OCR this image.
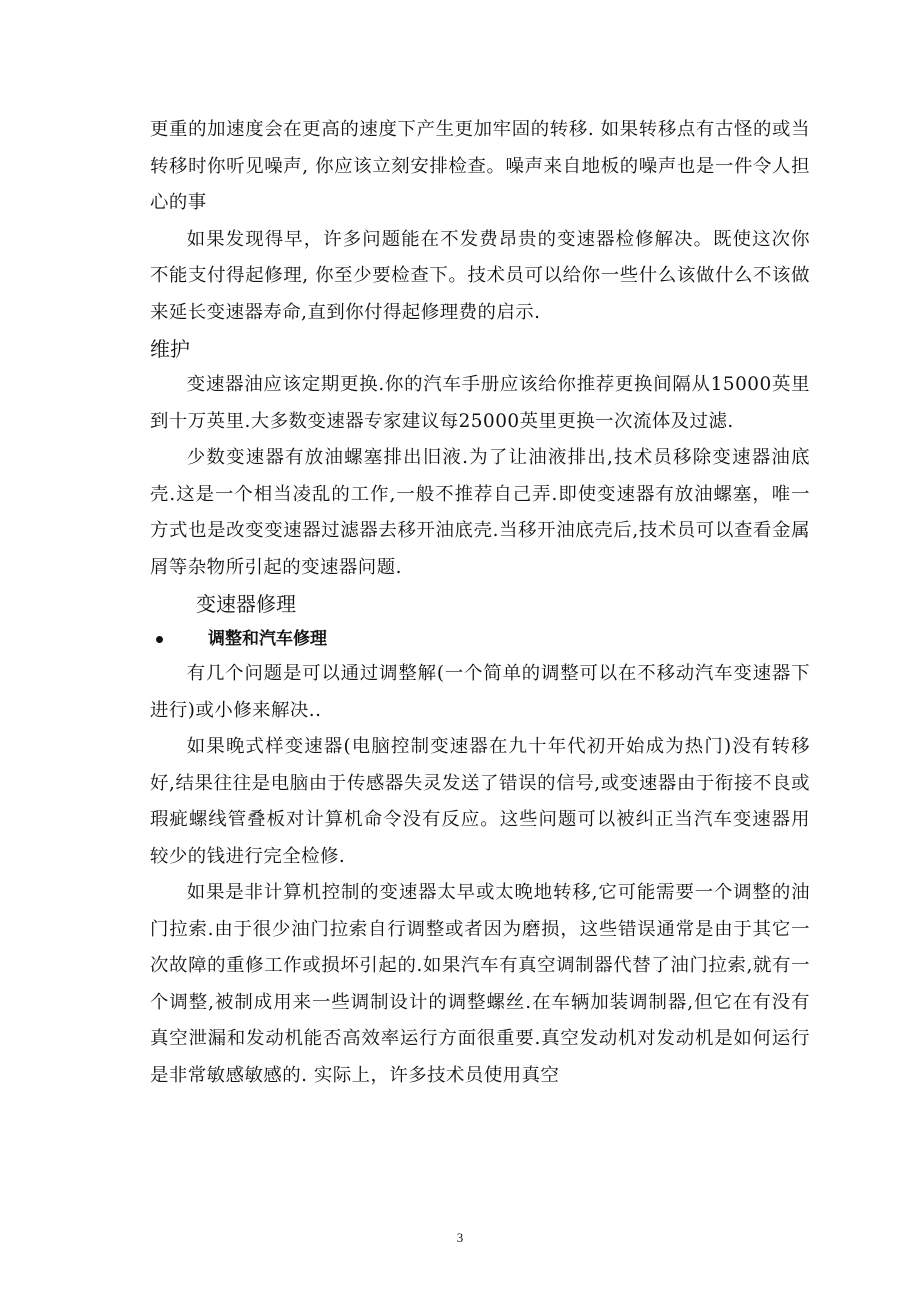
更重的加速度会在更高的速度下产生更加牢固的转移. 如果转移点有古怪的或当转移时你听见噪声, 你应该立刻安排检查。噪声来自地板的噪声也是一件令人担心的事

如果发现得早，许多问题能在不发费昂贵的变速器检修解决。既使这次你不能支付得起修理, 你至少要检查下。技术员可以给你一些什么该做什么不该做来延长变速器寿命,直到你付得起修理费的启示.

维护

变速器油应该定期更换.你的汽车手册应该给你推荐更换间隔从15000英里到十万英里.大多数变速器专家建议每25000英里更换一次流体及过滤.

少数变速器有放油螺塞排出旧液.为了让油液排出,技术员移除变速器油底壳.这是一个相当凌乱的工作,一般不推荐自己弄.即使变速器有放油螺塞，唯一方式也是改变变速器过滤器去移开油底壳.当移开油底壳后,技术员可以查看金属屑等杂物所引起的变速器问题.

变速器修理
调整和汽车修理

有几个问题是可以通过调整解(一个简单的调整可以在不移动汽车变速器下进行)或小修来解决..

如果晚式样变速器(电脑控制变速器在九十年代初开始成为热门)没有转移好,结果往往是电脑由于传感器失灵发送了错误的信号,或变速器由于衔接不良或瑕疵螺线管叠板对计算机命令没有反应。这些问题可以被纠正当汽车变速器用较少的钱进行完全检修.

如果是非计算机控制的变速器太早或太晚地转移,它可能需要一个调整的油门拉索.由于很少油门拉索自行调整或者因为磨损，这些错误通常是由于其它一次故障的重修工作或损坏引起的.如果汽车有真空调制器代替了油门拉索,就有一个调整,被制成用来一些调制设计的调整螺丝.在车辆加装调制器,但它在有没有真空泄漏和发动机能否高效率运行方面很重要.真空发动机对发动机是如何运行是非常敏感敏感的. 实际上，许多技术员使用真空

3
